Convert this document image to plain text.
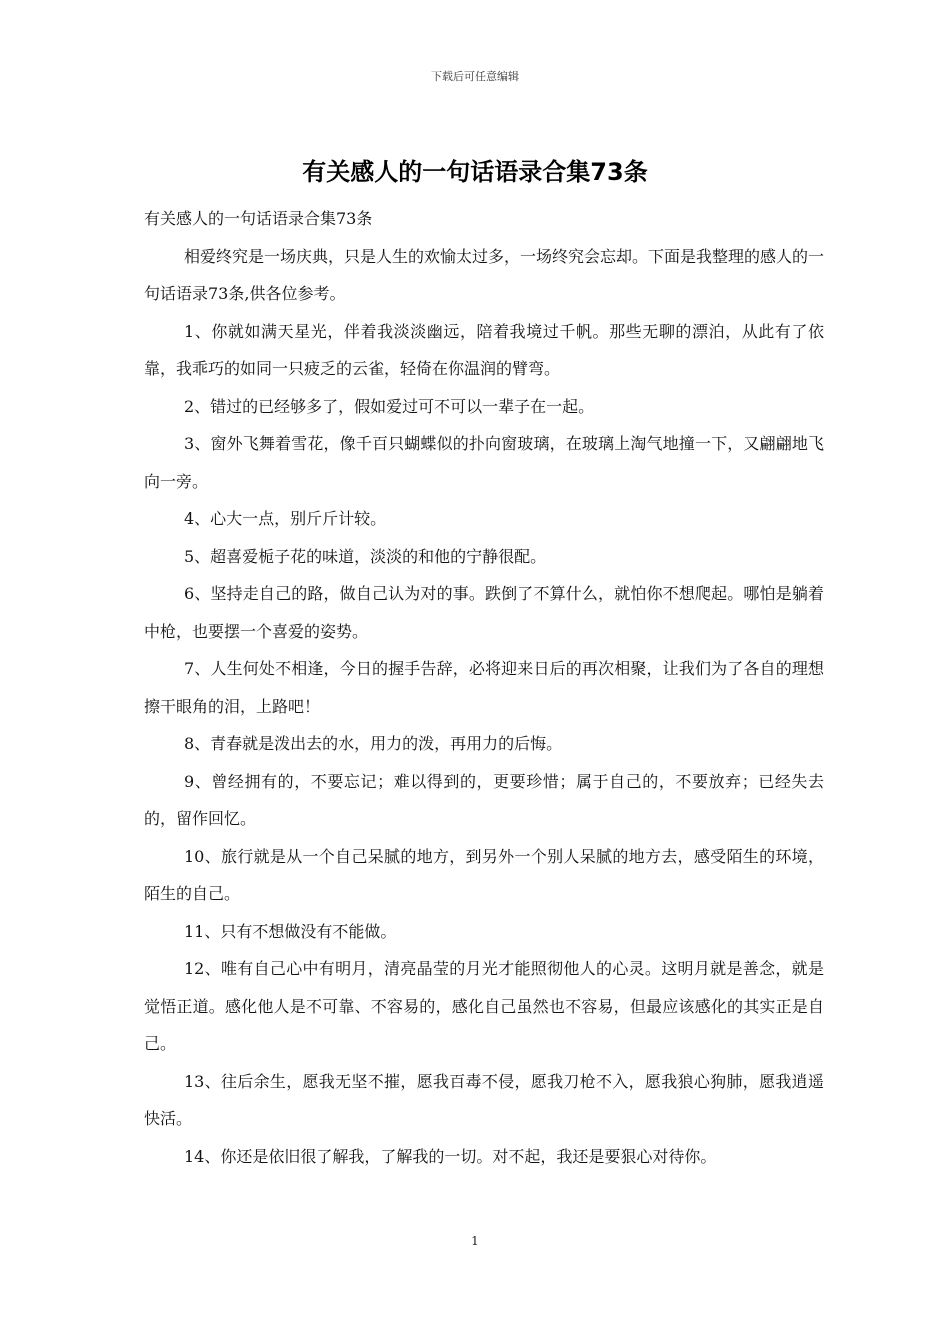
下载后可任意编辑
有关感人的一句话语录合集73条

有关感人的一句话语录合集73条

相爱终究是一场庆典，只是人生的欢愉太过多，一场终究会忘却。下面是我整理的感人的一句话语录73条,供各位参考。

1、你就如满天星光，伴着我淡淡幽远，陪着我境过千帆。那些无聊的漂泊，从此有了依靠，我乖巧的如同一只疲乏的云雀，轻倚在你温润的臂弯。

2、错过的已经够多了，假如爱过可不可以一辈子在一起。

3、窗外飞舞着雪花，像千百只蝴蝶似的扑向窗玻璃，在玻璃上淘气地撞一下，又翩翩地飞向一旁。

4、心大一点，别斤斤计较。

5、超喜爱栀子花的味道，淡淡的和他的宁静很配。

6、坚持走自己的路，做自己认为对的事。跌倒了不算什么，就怕你不想爬起。哪怕是躺着中枪，也要摆一个喜爱的姿势。

7、人生何处不相逢，今日的握手告辞，必将迎来日后的再次相聚，让我们为了各自的理想擦干眼角的泪，上路吧！

8、青春就是泼出去的水，用力的泼，再用力的后悔。

9、曾经拥有的，不要忘记；难以得到的，更要珍惜；属于自己的，不要放弃；已经失去的，留作回忆。

10、旅行就是从一个自己呆腻的地方，到另外一个别人呆腻的地方去，感受陌生的环境，陌生的自己。

11、只有不想做没有不能做。

12、唯有自己心中有明月，清亮晶莹的月光才能照彻他人的心灵。这明月就是善念，就是觉悟正道。感化他人是不可靠、不容易的，感化自己虽然也不容易，但最应该感化的其实正是自己。

13、往后余生，愿我无坚不摧，愿我百毒不侵，愿我刀枪不入，愿我狼心狗肺，愿我逍遥快活。

14、你还是依旧很了解我，了解我的一切。对不起，我还是要狠心对待你。

1
